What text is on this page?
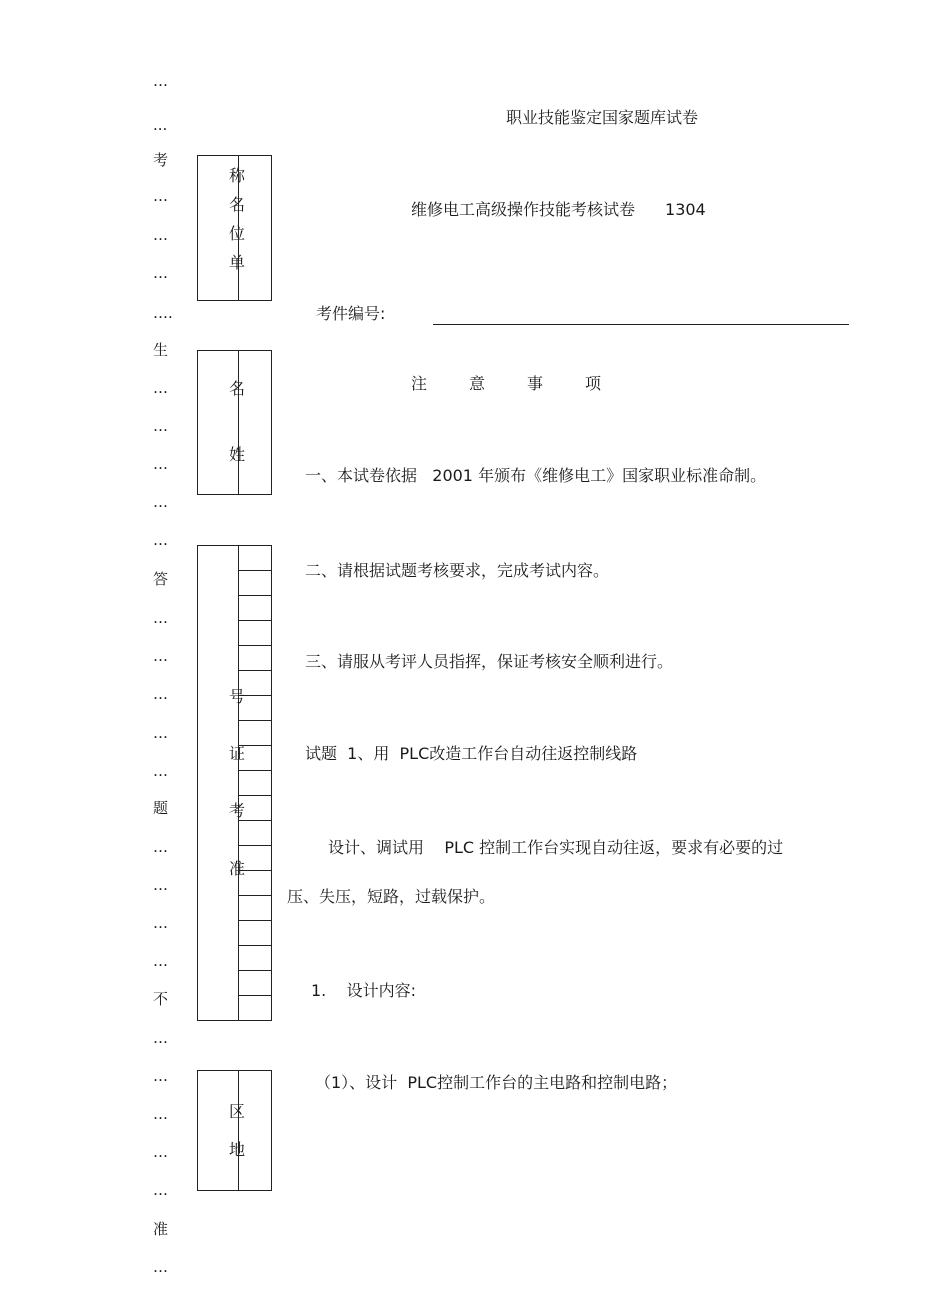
…
...
考
…
…
…
….
生
…
…
…
…
…
答
…
…
…
…
…
题
…
…
…
…
不
…
…
…
…
…
准
…
称
名
位
单
名
姓
号
证
考
准
区
地
职业技能鉴定国家题库试卷
维修电工高级操作技能考核试卷 1304
考件编号:
注	意	事	项
一、本试卷依据   2001 年颁布《维修电工》国家职业标准命制。
二、请根据试题考核要求，完成考试内容。
三、请服从考评人员指挥，保证考核安全顺利进行。
试题  1、用  PLC改造工作台自动往返控制线路
设计、调试用    PLC 控制工作台实现自动往返，要求有必要的过
压、失压，短路，过载保护。
1.    设计内容:
（1）、设计  PLC控制工作台的主电路和控制电路；
